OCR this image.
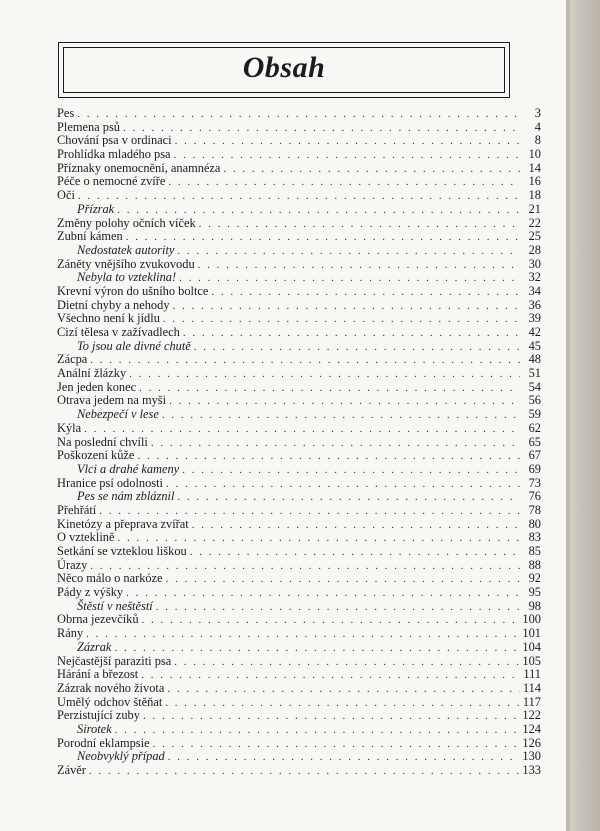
Obsah
Pes . . .	3
Plemena psů . . .	4
Chování psa v ordinaci . . .	8
Prohlídka mladého psa . . .	10
Příznaky onemocnění, anamnéza . . .	14
Péče o nemocné zvíře . . .	16
Oči . . .	18
Přízrak . . .	21
Změny polohy očních víček . . .	22
Zubní kámen . . .	25
Nedostatek autority . . .	28
Záněty vnějšího zvukovodu . . .	30
Nebyla to vzteklina! . . .	32
Krevní výron do ušního boltce . . .	34
Dietní chyby a nehody . . .	36
Všechno není k jídlu . . .	39
Cizí tělesa v zažívadlech . . .	42
To jsou ale divné chutě . . .	45
Zácpa . . .	48
Anální žlázky . . .	51
Jen jeden konec . . .	54
Otrava jedem na myši . . .	56
Nebezpečí v lese . . .	59
Kýla . . .	62
Na poslední chvíli . . .	65
Poškození kůže . . .	67
Vlci a drahé kameny . . .	69
Hranice psí odolnosti . . .	73
Pes se nám zbláznil . . .	76
Přehřátí . . .	78
Kinetózy a přeprava zvířat . . .	80
O vzteklině . . .	83
Setkání se vzteklou liškou . . .	85
Úrazy . . .	88
Něco málo o narkóze . . .	92
Pády z výšky . . .	95
Štěstí v neštěstí . . .	98
Obrna jezevčíků . . .	100
Rány . . .	101
Zázrak . . .	104
Nejčastější paraziti psa . . .	105
Hárání a březost . . .	111
Zázrak nového života . . .	114
Umělý odchov štěňat . . .	117
Perzistující zuby . . .	122
Sirotek . . .	124
Porodní eklampsie . . .	126
Neobvyklý případ . . .	130
Závěr . . .	133
